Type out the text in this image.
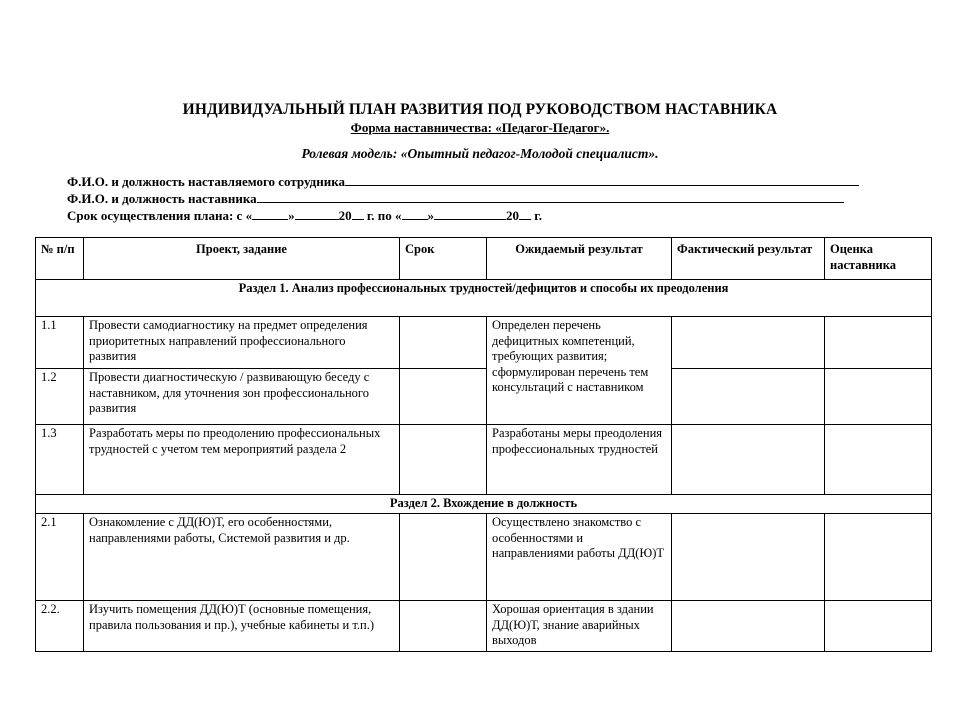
ИНДИВИДУАЛЬНЫЙ ПЛАН РАЗВИТИЯ ПОД РУКОВОДСТВОМ НАСТАВНИКА
Форма наставничества: «Педагог-Педагог».
Ролевая модель: «Опытный педагог-Молодой специалист».
Ф.И.О. и должность наставляемого сотрудника
Ф.И.О. и должность наставника
Срок осуществления плана: с «	»	20 г. по « »	20 г.
№ п/п	Проект, задание	Срок	Ожидаемый результат	Фактический результат	Оценка наставника
Раздел 1. Анализ профессиональных трудностей/дефицитов и способы их преодоления					
1.1	Провести самодиагностику на предмет определения приоритетных направлений профессионального развития		Определен перечень дефицитных компетенций, требующих развития; сформулирован перечень тем консультаций с наставником		
1.2	Провести диагностическую / развивающую беседу с наставником, для уточнения зон профессионального развития				
1.3	Разработать меры по преодолению профессиональных трудностей с учетом тем мероприятий раздела 2		Разработаны меры преодоления профессиональных трудностей		
Раздел 2. Вхождение в должность					
2.1	Ознакомление с ДД(Ю)Т, его особенностями, направлениями работы, Системой развития и др.		Осуществлено знакомство с особенностями и направлениями работы ДД(Ю)Т		
2.2.	Изучить помещения ДД(Ю)Т (основные помещения, правила пользования и пр.), учебные кабинеты и т.п.)		Хорошая ориентация в здании ДД(Ю)Т, знание аварийных выходов		
